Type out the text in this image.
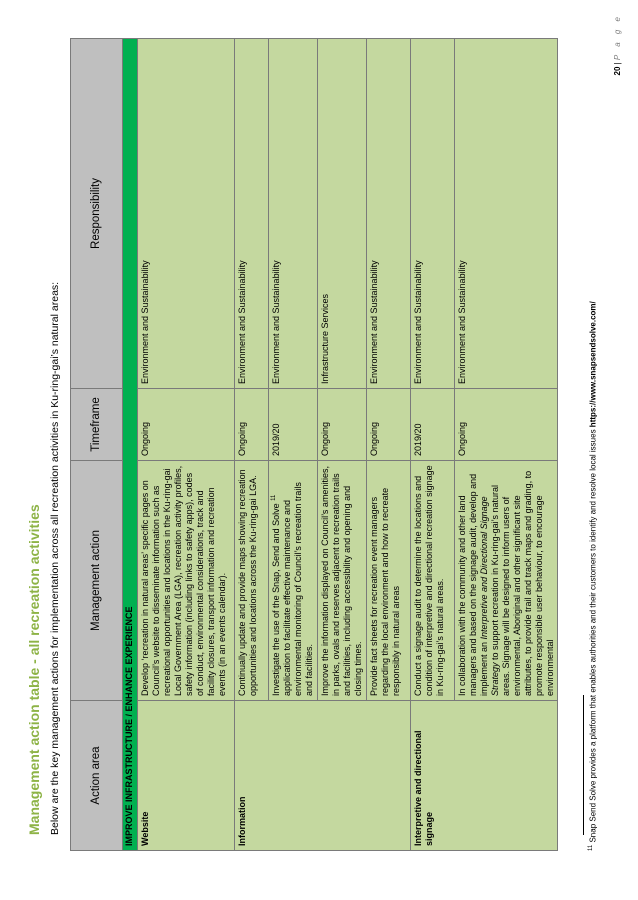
Management action table - all recreation activities Below are the key management actions for implementation across all recreation activities in Ku-ring-gai’s natural areas:	Action area	Management action	Timeframe	Responsibility
IMPROVE INFRASTRUCTURE / ENHANCE EXPERIENCE			
Website	Develop ‘recreation in natural areas’ specific pages on Council’s website to disseminate information such as recreational opportunities and locations in the Ku-ring-gai Local Government Area (LGA), recreation activity profiles, safety information (including links to safety apps), codes of conduct, environmental considerations, track and facility closures, transport information and recreation events (in an events calendar).	Ongoing	Environment and Sustainability
Information	Continually update and provide maps showing recreation opportunities and locations across the Ku-ring-gai LGA.	Ongoing	Environment and Sustainability
	Investigate the use of the Snap, Send and Solve $^{11}$ application to facilitate effective maintenance and environmental monitoring of Council’s recreation trails and facilities.	2019/20	Environment and Sustainability
	Improve the information displayed on Council’s amenities, in parks, ovals and reserves adjacent to recreation trails and facilities, including accessibility and opening and closing times.	Ongoing	Infrastructure Services
	Provide fact sheets for recreation event managers regarding the local environment and how to recreate responsibly in natural areas	Ongoing	Environment and Sustainability
Interpretive and directional signage	Conduct a signage audit to determine the locations and condition of interpretive and directional recreation signage in Ku-ring-gai’s natural areas.	2019/20	Environment and Sustainability
	In collaboration with the community and other land managers and based on the signage audit, develop and implement an Interpretive and Directional Signage Strategy to support recreation in Ku-ring-gai’s natural areas. Signage will be designed to inform users of environmental, Aboriginal and other significant site attributes, to provide trail and track maps and grading, to promote responsible user behaviour, to encourage environmental	Ongoing	Environment and Sustainability
$^{11}$ Snap Send Solve provides a platform that enables authorities and their customers to identify and resolve local issues https://www.snapsendsolve.com/
20 | P a g e
